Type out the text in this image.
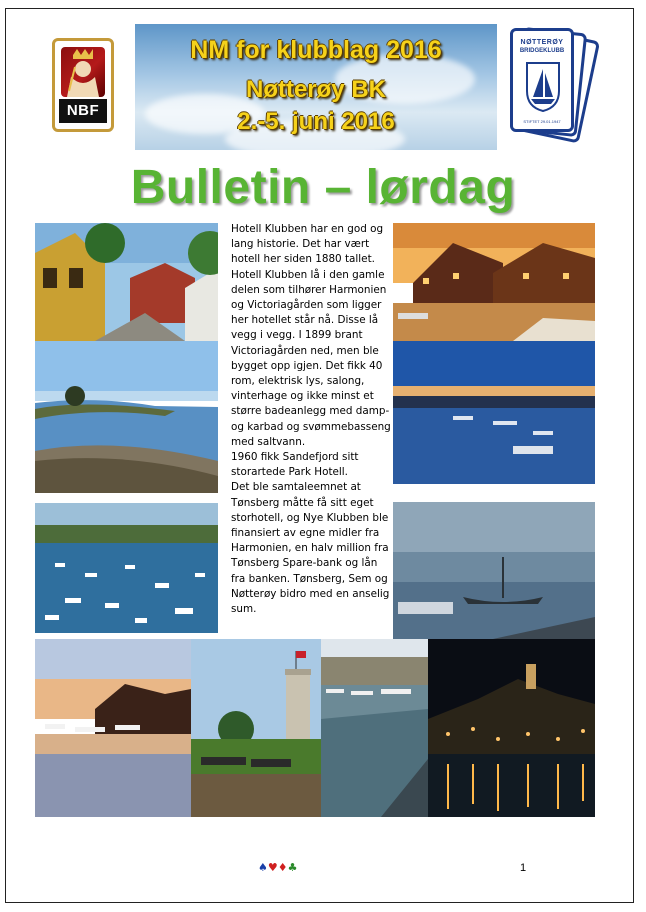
NBF
NM for klubblag 2016
Nøtterøy BK
2.-5. juni 2016
NØTTERØY
BRIDGEKLUBB
STIFTET 29.01.1947
Bulletin – lørdag

Hotell Klubben har en god og lang historie. Det har vært hotell her siden 1880 tallet. Hotell Klubben lå i den gamle delen som tilhører Harmonien og Victoriagården som ligger her hotellet står nå. Disse lå

vegg i vegg. I 1899 brant Victoriagården ned, men ble bygget opp igjen. Det fikk 40 rom, elektrisk lys, salong, vinterhage og ikke minst et større badeanlegg med damp- og karbad og svømmebasseng med saltvann.

1960 fikk Sandefjord sitt storartede Park Hotell.

Det ble samtaleemnet at Tønsberg måtte få sitt eget storhotell, og Nye Klubben ble finansiert av egne midler fra Harmonien, en halv million fra Tønsberg Spare-bank og lån fra banken. Tønsberg, Sem og Nøtterøy bidro med en anselig sum.

♠♥♦♣	1
